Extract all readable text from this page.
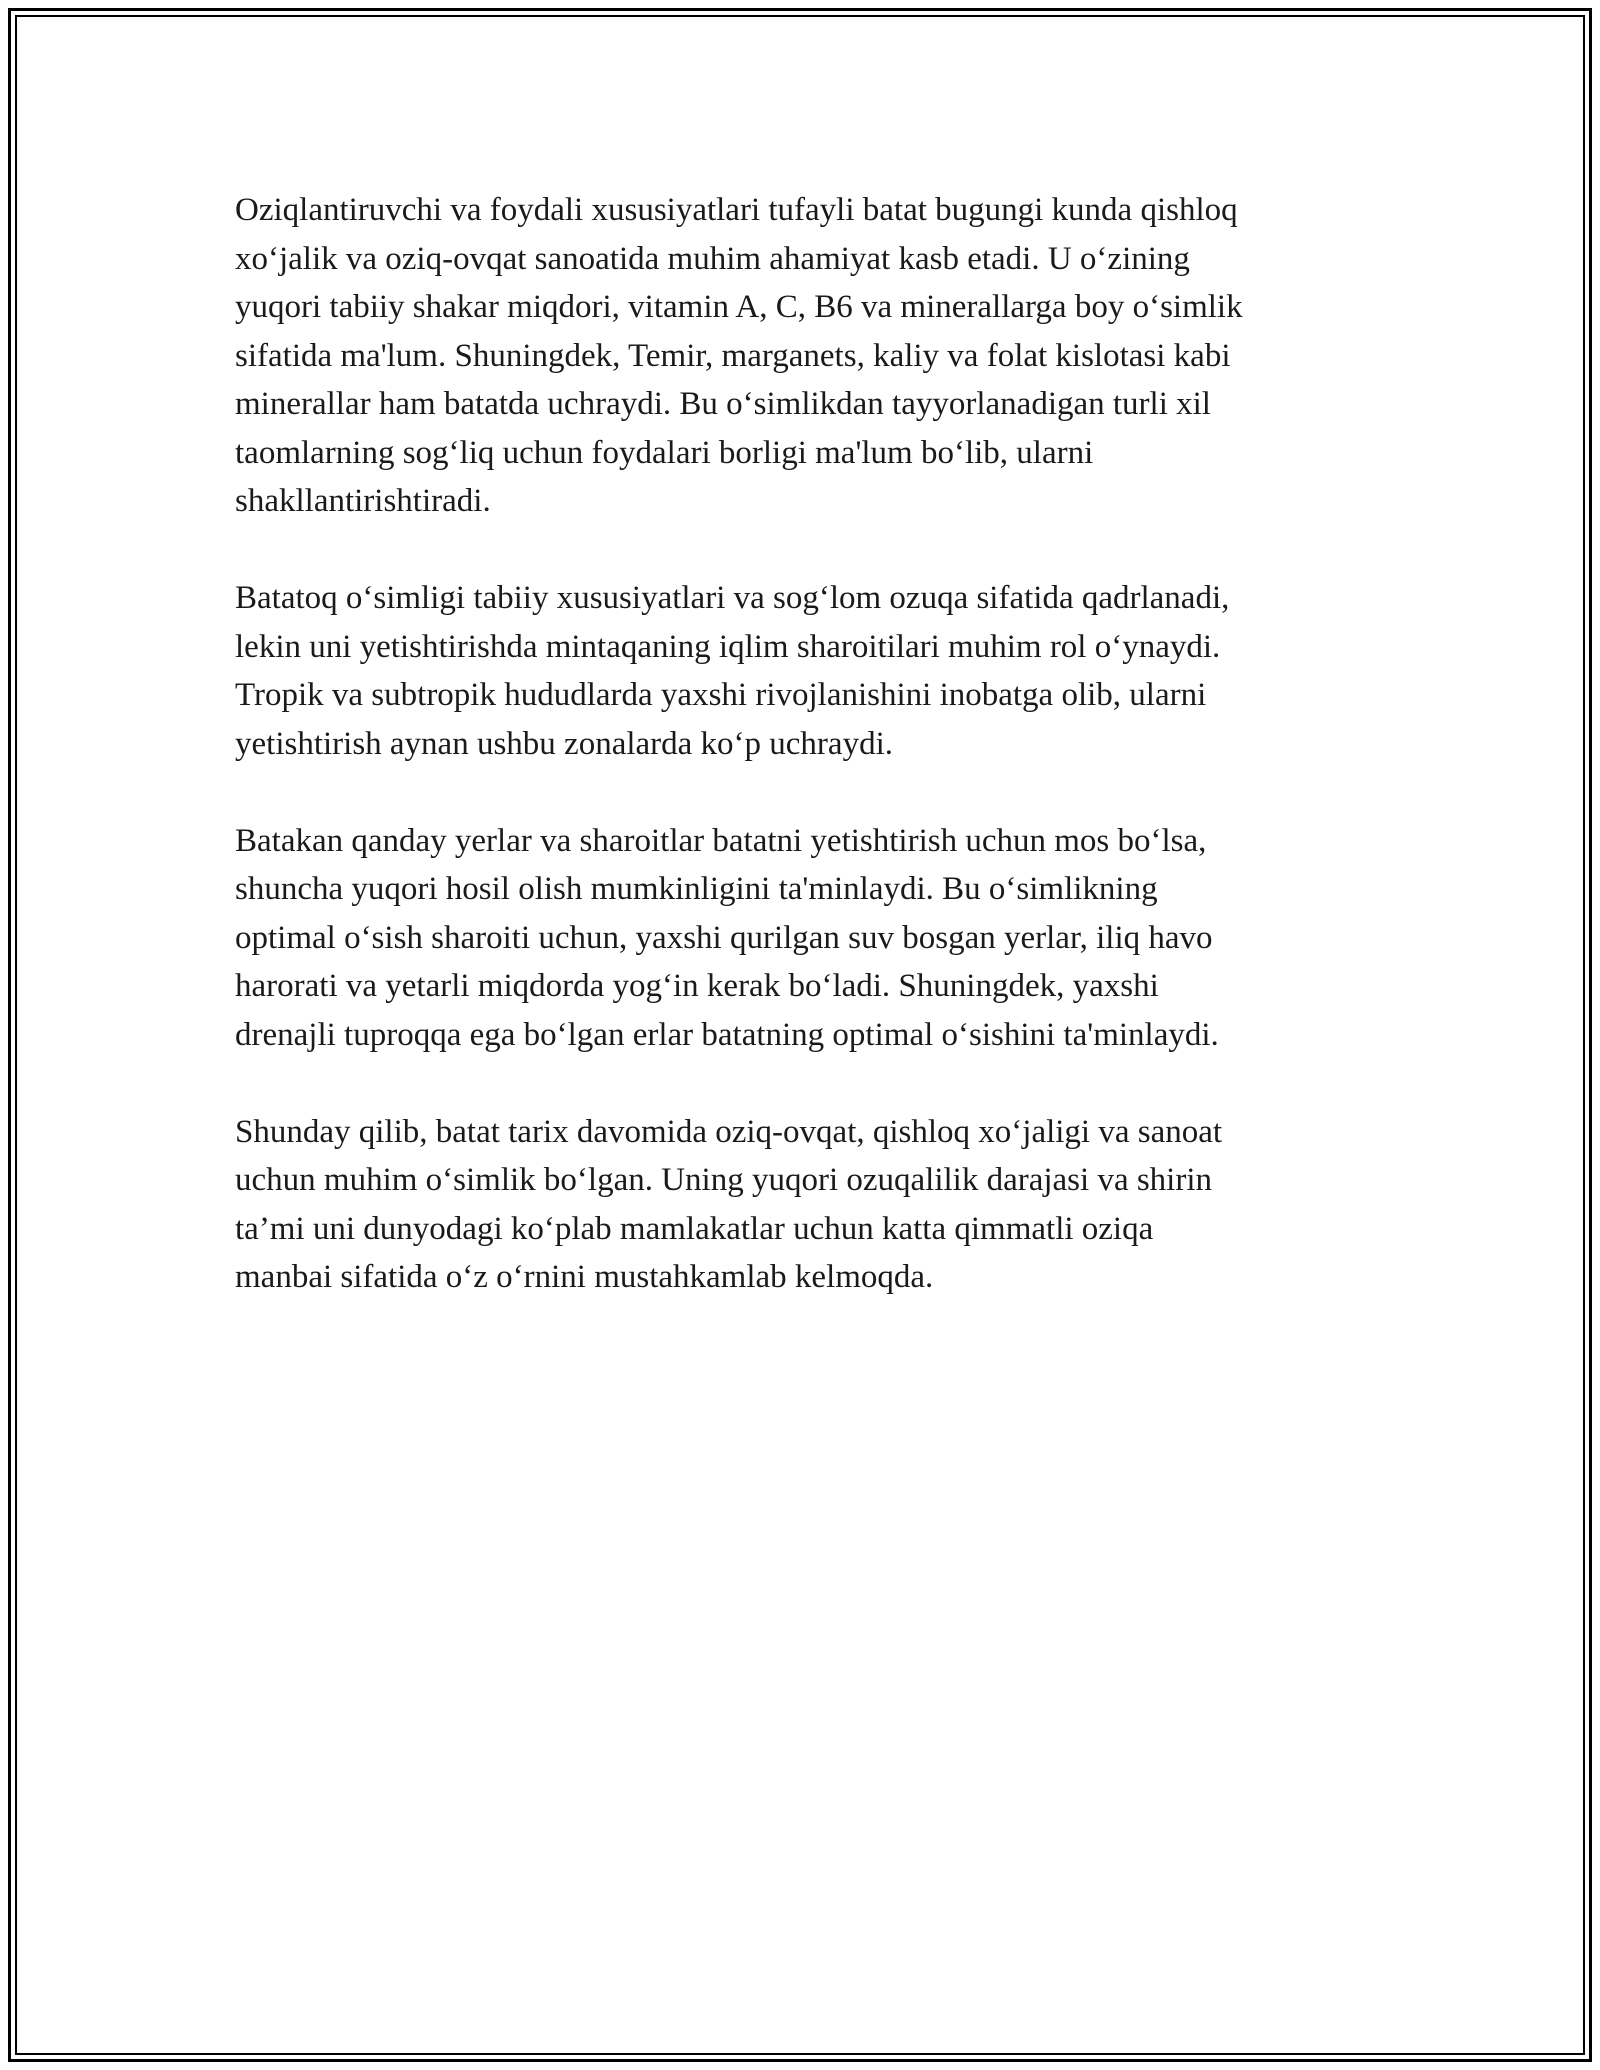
Oziqlantiruvchi va foydali xususiyatlari tufayli batat bugungi kunda qishloq
xo‘jalik va oziq-ovqat sanoatida muhim ahamiyat kasb etadi. U o‘zining
yuqori tabiiy shakar miqdori, vitamin A, C, B6 va minerallarga boy o‘simlik
sifatida ma'lum. Shuningdek, Temir, marganets, kaliy va folat kislotasi kabi
minerallar ham batatda uchraydi. Bu o‘simlikdan tayyorlanadigan turli xil
taomlarning sog‘liq uchun foydalari borligi ma'lum bo‘lib, ularni
shakllantirishtiradi.

Batatoq o‘simligi tabiiy xususiyatlari va sog‘lom ozuqa sifatida qadrlanadi,
lekin uni yetishtirishda mintaqaning iqlim sharoitilari muhim rol o‘ynaydi.
Tropik va subtropik hududlarda yaxshi rivojlanishini inobatga olib, ularni
yetishtirish aynan ushbu zonalarda ko‘p uchraydi.

Batakan qanday yerlar va sharoitlar batatni yetishtirish uchun mos bo‘lsa,
shuncha yuqori hosil olish mumkinligini ta'minlaydi. Bu o‘simlikning
optimal o‘sish sharoiti uchun, yaxshi qurilgan suv bosgan yerlar, iliq havo
harorati va yetarli miqdorda yog‘in kerak bo‘ladi. Shuningdek, yaxshi
drenajli tuproqqa ega bo‘lgan erlar batatning optimal o‘sishini ta'minlaydi.

Shunday qilib, batat tarix davomida oziq-ovqat, qishloq xo‘jaligi va sanoat
uchun muhim o‘simlik bo‘lgan. Uning yuqori ozuqalilik darajasi va shirin
ta’mi uni dunyodagi ko‘plab mamlakatlar uchun katta qimmatli oziqa
manbai sifatida o‘z o‘rnini mustahkamlab kelmoqda.
